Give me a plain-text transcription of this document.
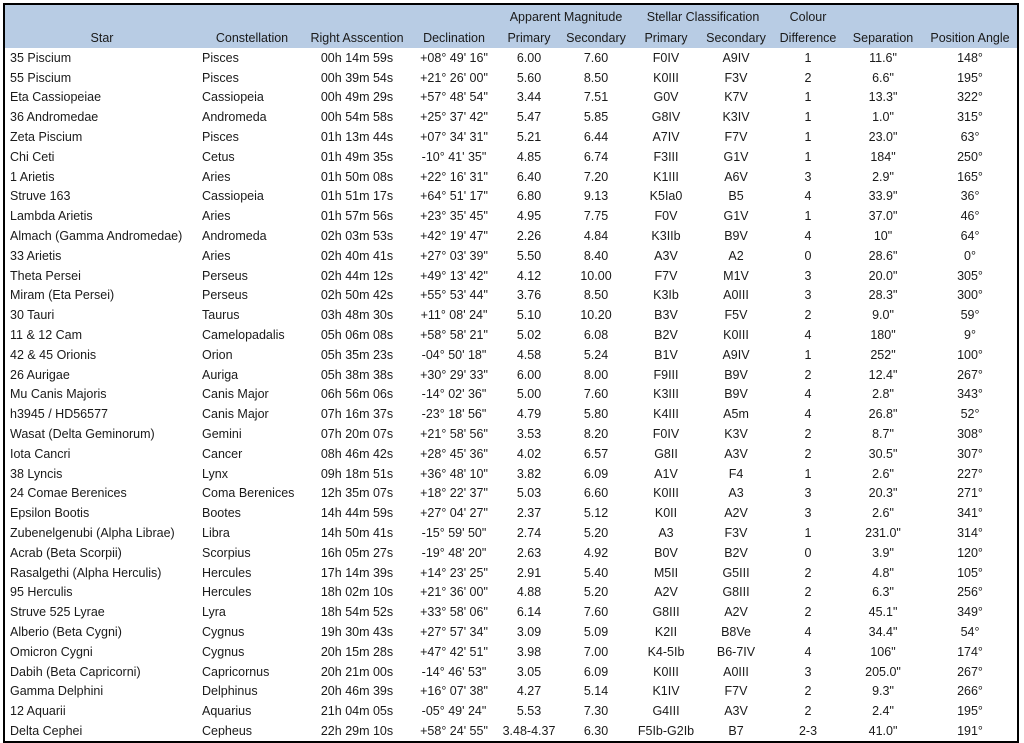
				Apparent Magnitude		Stellar Classification		Colour		
Star	Constellation	Right Asscention	Declination	Primary	Secondary	Primary	Secondary	Difference	Separation	Position Angle
35 Piscium	Pisces	00h 14m 59s	+08° 49' 16"	6.00	7.60	F0IV	A9IV	1	11.6"	148°
55 Piscium	Pisces	00h 39m 54s	+21° 26' 00"	5.60	8.50	K0III	F3V	2	6.6"	195°
Eta Cassiopeiae	Cassiopeia	00h 49m 29s	+57° 48' 54"	3.44	7.51	G0V	K7V	1	13.3"	322°
36 Andromedae	Andromeda	00h 54m 58s	+25° 37' 42"	5.47	5.85	G8IV	K3IV	1	1.0"	315°
Zeta Piscium	Pisces	01h 13m 44s	+07° 34' 31"	5.21	6.44	A7IV	F7V	1	23.0"	63°
Chi Ceti	Cetus	01h 49m 35s	-10° 41' 35"	4.85	6.74	F3III	G1V	1	184"	250°
1 Arietis	Aries	01h 50m 08s	+22° 16' 31"	6.40	7.20	K1III	A6V	3	2.9"	165°
Struve 163	Cassiopeia	01h 51m 17s	+64° 51' 17"	6.80	9.13	K5Ia0	B5	4	33.9"	36°
Lambda Arietis	Aries	01h 57m 56s	+23° 35' 45"	4.95	7.75	F0V	G1V	1	37.0"	46°
Almach (Gamma Andromedae)	Andromeda	02h 03m 53s	+42° 19' 47"	2.26	4.84	K3IIb	B9V	4	10"	64°
33 Arietis	Aries	02h 40m 41s	+27° 03' 39"	5.50	8.40	A3V	A2	0	28.6"	0°
Theta Persei	Perseus	02h 44m 12s	+49° 13' 42"	4.12	10.00	F7V	M1V	3	20.0"	305°
Miram (Eta Persei)	Perseus	02h 50m 42s	+55° 53' 44"	3.76	8.50	K3Ib	A0III	3	28.3"	300°
30 Tauri	Taurus	03h 48m 30s	+11° 08' 24"	5.10	10.20	B3V	F5V	2	9.0"	59°
11 & 12 Cam	Camelopadalis	05h 06m 08s	+58° 58' 21"	5.02	6.08	B2V	K0III	4	180"	9°
42 & 45 Orionis	Orion	05h 35m 23s	-04° 50' 18"	4.58	5.24	B1V	A9IV	1	252"	100°
26 Aurigae	Auriga	05h 38m 38s	+30° 29' 33"	6.00	8.00	F9III	B9V	2	12.4"	267°
Mu Canis Majoris	Canis Major	06h 56m 06s	-14° 02' 36"	5.00	7.60	K3III	B9V	4	2.8"	343°
h3945 / HD56577	Canis Major	07h 16m 37s	-23° 18' 56"	4.79	5.80	K4III	A5m	4	26.8"	52°
Wasat (Delta Geminorum)	Gemini	07h 20m 07s	+21° 58' 56"	3.53	8.20	F0IV	K3V	2	8.7"	308°
Iota Cancri	Cancer	08h 46m 42s	+28° 45' 36"	4.02	6.57	G8II	A3V	2	30.5"	307°
38 Lyncis	Lynx	09h 18m 51s	+36° 48' 10"	3.82	6.09	A1V	F4	1	2.6"	227°
24 Comae Berenices	Coma Berenices	12h 35m 07s	+18° 22' 37"	5.03	6.60	K0III	A3	3	20.3"	271°
Epsilon Bootis	Bootes	14h 44m 59s	+27° 04' 27"	2.37	5.12	K0II	A2V	3	2.6"	341°
Zubenelgenubi (Alpha Librae)	Libra	14h 50m 41s	-15° 59' 50"	2.74	5.20	A3	F3V	1	231.0"	314°
Acrab (Beta Scorpii)	Scorpius	16h 05m 27s	-19° 48' 20"	2.63	4.92	B0V	B2V	0	3.9"	120°
Rasalgethi (Alpha Herculis)	Hercules	17h 14m 39s	+14° 23' 25"	2.91	5.40	M5II	G5III	2	4.8"	105°
95 Herculis	Hercules	18h 02m 10s	+21° 36' 00"	4.88	5.20	A2V	G8III	2	6.3"	256°
Struve 525 Lyrae	Lyra	18h 54m 52s	+33° 58' 06"	6.14	7.60	G8III	A2V	2	45.1"	349°
Alberio (Beta Cygni)	Cygnus	19h 30m 43s	+27° 57' 34"	3.09	5.09	K2II	B8Ve	4	34.4"	54°
Omicron Cygni	Cygnus	20h 15m 28s	+47° 42' 51"	3.98	7.00	K4-5Ib	B6-7IV	4	106"	174°
Dabih (Beta Capricorni)	Capricornus	20h 21m 00s	-14° 46' 53"	3.05	6.09	K0III	A0III	3	205.0"	267°
Gamma Delphini	Delphinus	20h 46m 39s	+16° 07' 38"	4.27	5.14	K1IV	F7V	2	9.3"	266°
12 Aquarii	Aquarius	21h 04m 05s	-05° 49' 24"	5.53	7.30	G4III	A3V	2	2.4"	195°
Delta Cephei	Cepheus	22h 29m 10s	+58° 24' 55"	3.48-4.37	6.30	F5Ib-G2Ib	B7	2-3	41.0"	191°
